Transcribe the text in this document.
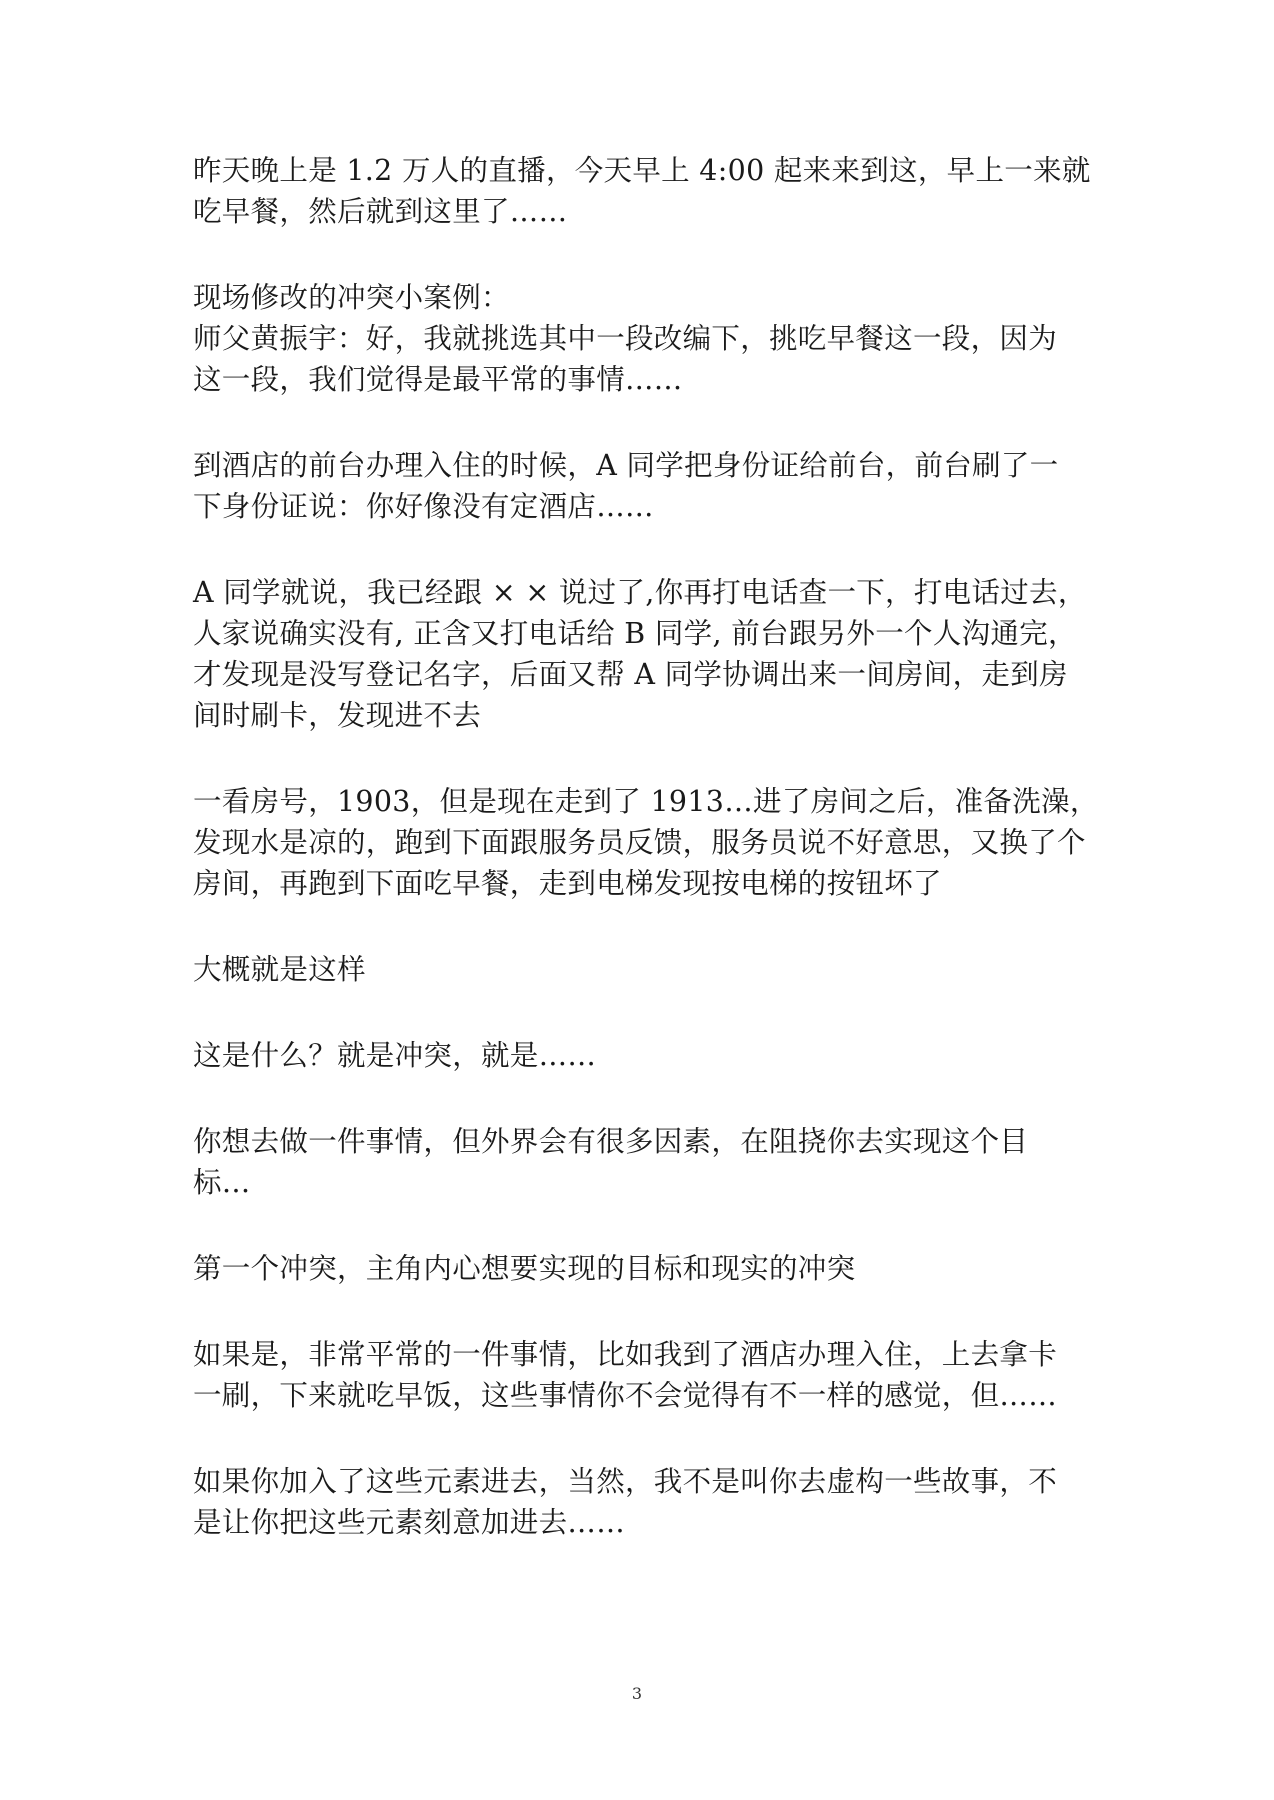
昨天晚上是 1.2 万人的直播，今天早上 4:00 起来来到这，早上一来就
吃早餐，然后就到这里了……

现场修改的冲突小案例：
师父黄振宇：好，我就挑选其中一段改编下，挑吃早餐这一段，因为
这一段，我们觉得是最平常的事情……

到酒店的前台办理入住的时候，A 同学把身份证给前台，前台刷了一
下身份证说：你好像没有定酒店……

A 同学就说，我已经跟 × × 说过了,你再打电话查一下，打电话过去，
人家说确实没有, 正含又打电话给 B 同学, 前台跟另外一个人沟通完，
才发现是没写登记名字，后面又帮 A 同学协调出来一间房间，走到房
间时刷卡，发现进不去

一看房号，1903，但是现在走到了 1913…进了房间之后，准备洗澡，
发现水是凉的，跑到下面跟服务员反馈，服务员说不好意思，又换了个
房间，再跑到下面吃早餐，走到电梯发现按电梯的按钮坏了

大概就是这样

这是什么？就是冲突，就是……

你想去做一件事情，但外界会有很多因素，在阻挠你去实现这个目
标…

第一个冲突，主角内心想要实现的目标和现实的冲突

如果是，非常平常的一件事情，比如我到了酒店办理入住，上去拿卡
一刷，下来就吃早饭，这些事情你不会觉得有不一样的感觉，但……

如果你加入了这些元素进去，当然，我不是叫你去虚构一些故事，不
是让你把这些元素刻意加进去……

3
